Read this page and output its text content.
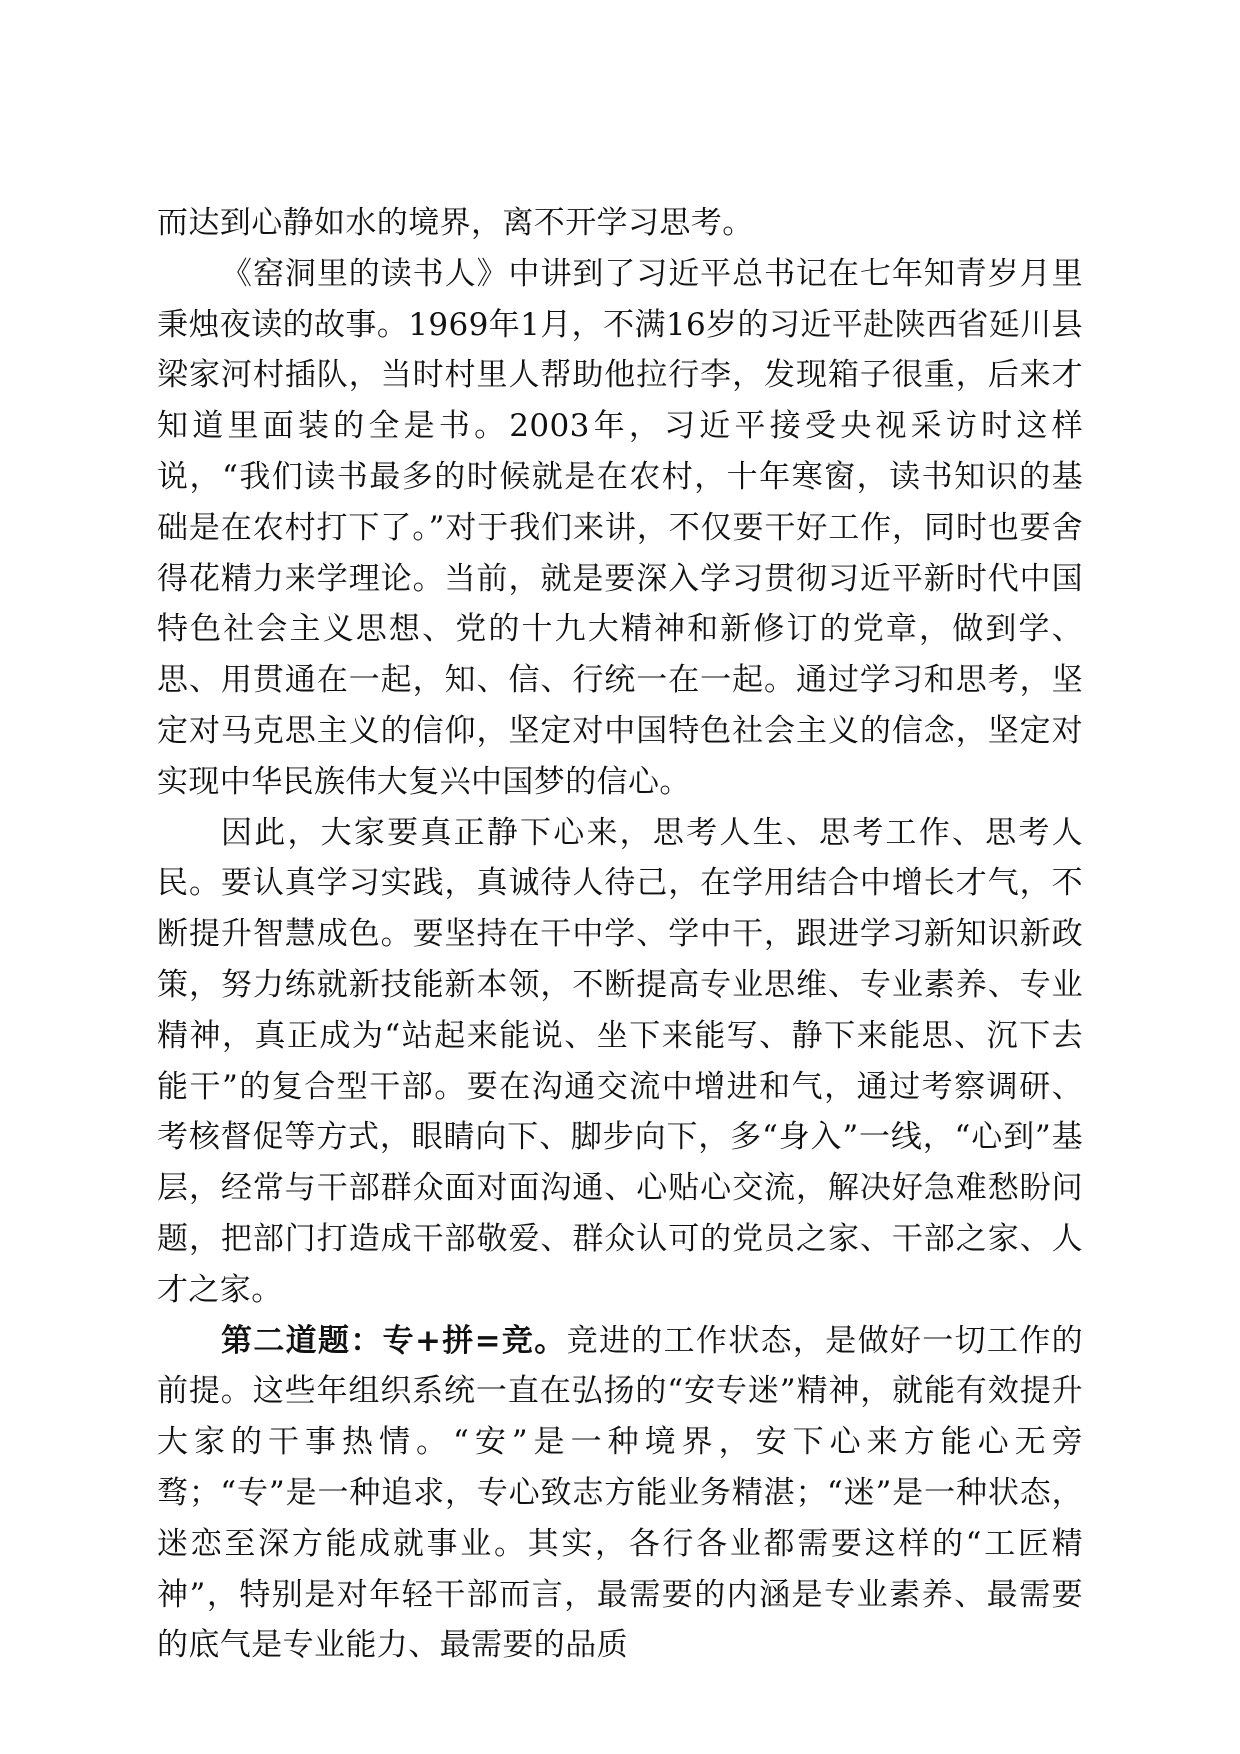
而达到心静如水的境界，离不开学习思考。

《窑洞里的读书人》中讲到了习近平总书记在七年知青岁月里秉烛夜读的故事。1969年1月，不满16岁的习近平赴陕西省延川县梁家河村插队，当时村里人帮助他拉行李，发现箱子很重，后来才知道里面装的全是书。2003年，习近平接受央视采访时这样说，“我们读书最多的时候就是在农村，十年寒窗，读书知识的基础是在农村打下了。”对于我们来讲，不仅要干好工作，同时也要舍得花精力来学理论。当前，就是要深入学习贯彻习近平新时代中国特色社会主义思想、党的十九大精神和新修订的党章，做到学、思、用贯通在一起，知、信、行统一在一起。通过学习和思考，坚定对马克思主义的信仰，坚定对中国特色社会主义的信念，坚定对实现中华民族伟大复兴中国梦的信心。

因此，大家要真正静下心来，思考人生、思考工作、思考人民。要认真学习实践，真诚待人待己，在学用结合中增长才气，不断提升智慧成色。要坚持在干中学、学中干，跟进学习新知识新政策，努力练就新技能新本领，不断提高专业思维、专业素养、专业精神，真正成为“站起来能说、坐下来能写、静下来能思、沉下去能干”的复合型干部。要在沟通交流中增进和气，通过考察调研、考核督促等方式，眼睛向下、脚步向下，多“身入”一线，“心到”基层，经常与干部群众面对面沟通、心贴心交流，解决好急难愁盼问题，把部门打造成干部敬爱、群众认可的党员之家、干部之家、人才之家。

第二道题：专+拼=竞。竞进的工作状态，是做好一切工作的前提。这些年组织系统一直在弘扬的“安专迷”精神，就能有效提升大家的干事热情。“安”是一种境界，安下心来方能心无旁骛；“专”是一种追求，专心致志方能业务精湛；“迷”是一种状态，迷恋至深方能成就事业。其实，各行各业都需要这样的“工匠精神”，特别是对年轻干部而言，最需要的内涵是专业素养、最需要的底气是专业能力、最需要的品质
